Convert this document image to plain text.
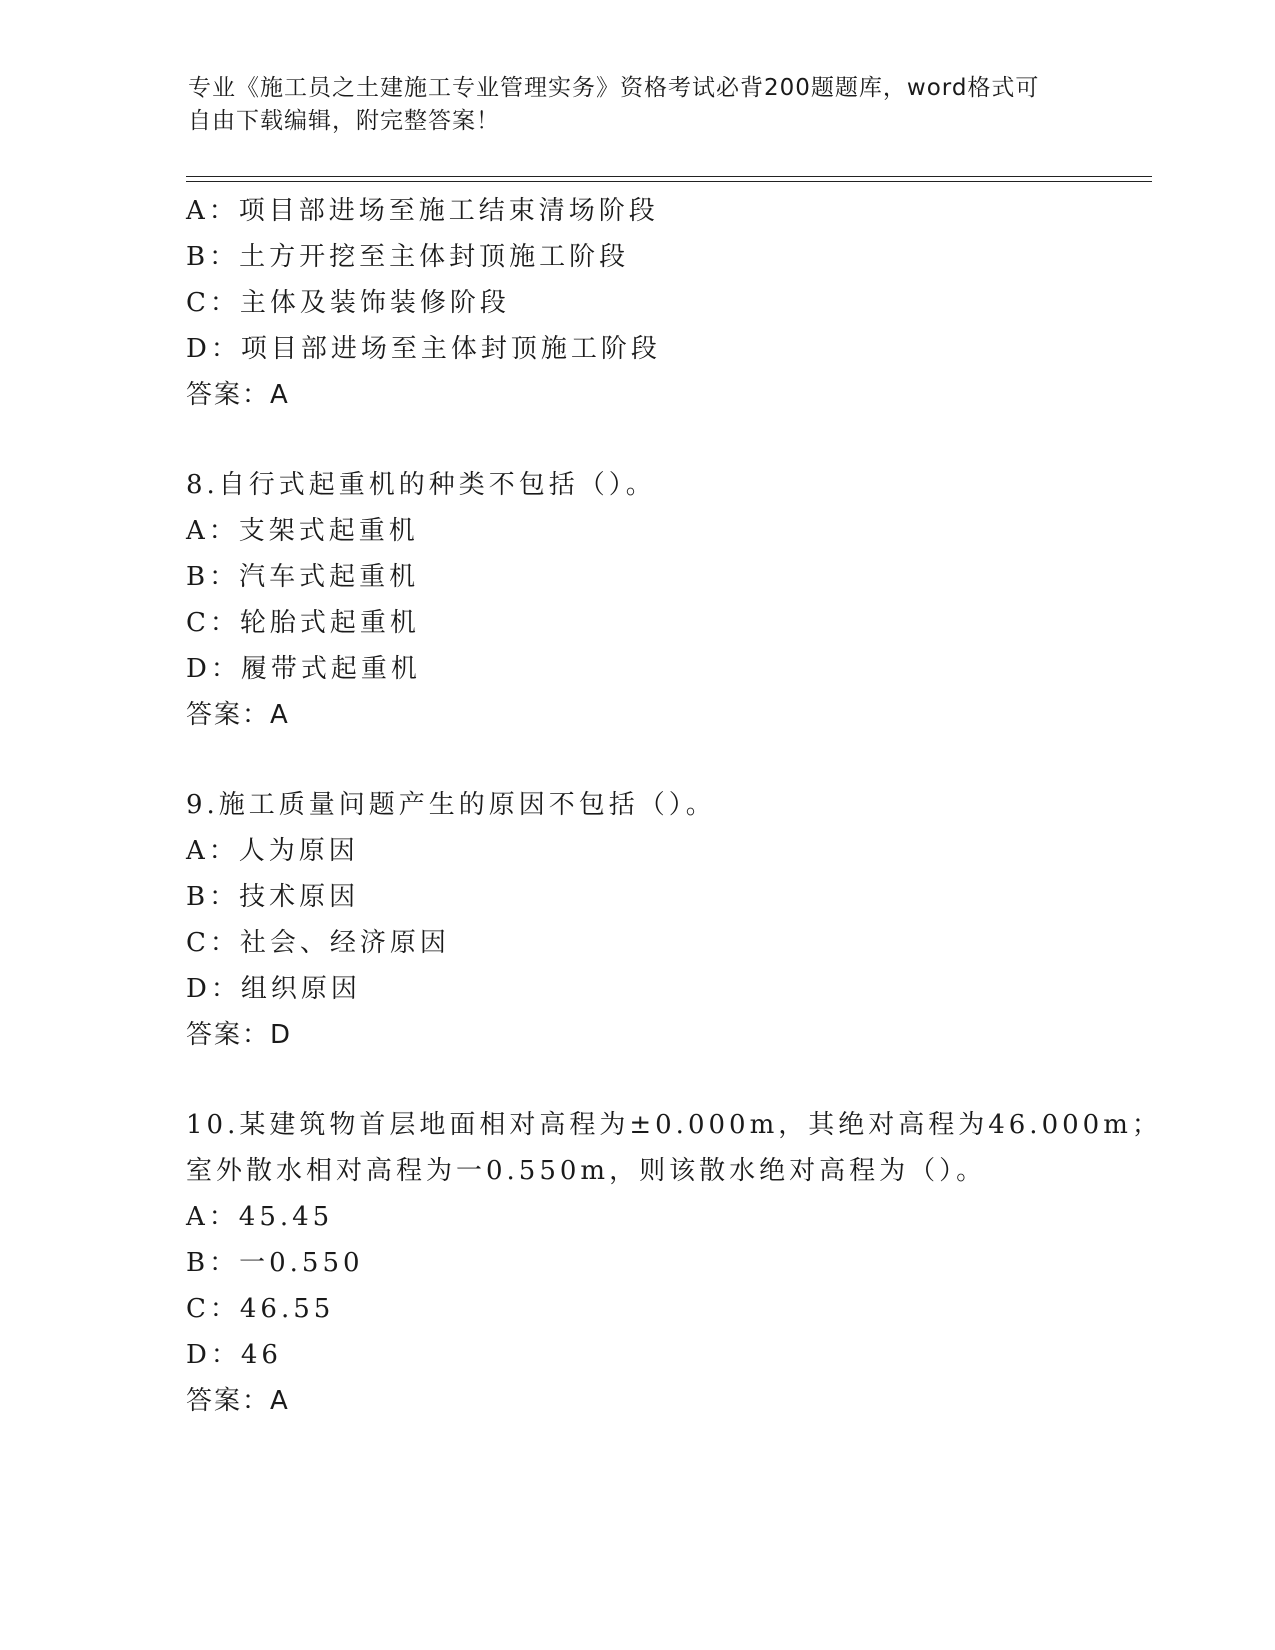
专业《施工员之土建施工专业管理实务》资格考试必背200题题库，word格式可
自由下载编辑，附完整答案！
A：项目部进场至施工结束清场阶段
B：土方开挖至主体封顶施工阶段
C：主体及装饰装修阶段
D：项目部进场至主体封顶施工阶段
答案：A
8.自行式起重机的种类不包括（）。
A：支架式起重机
B：汽车式起重机
C：轮胎式起重机
D：履带式起重机
答案：A
9.施工质量问题产生的原因不包括（）。
A：人为原因
B：技术原因
C：社会、经济原因
D：组织原因
答案：D
10.某建筑物首层地面相对高程为±0.000m，其绝对高程为46.000m；
室外散水相对高程为一0.550m，则该散水绝对高程为（）。
A：45.45
B：一0.550
C：46.55
D：46
答案：A
